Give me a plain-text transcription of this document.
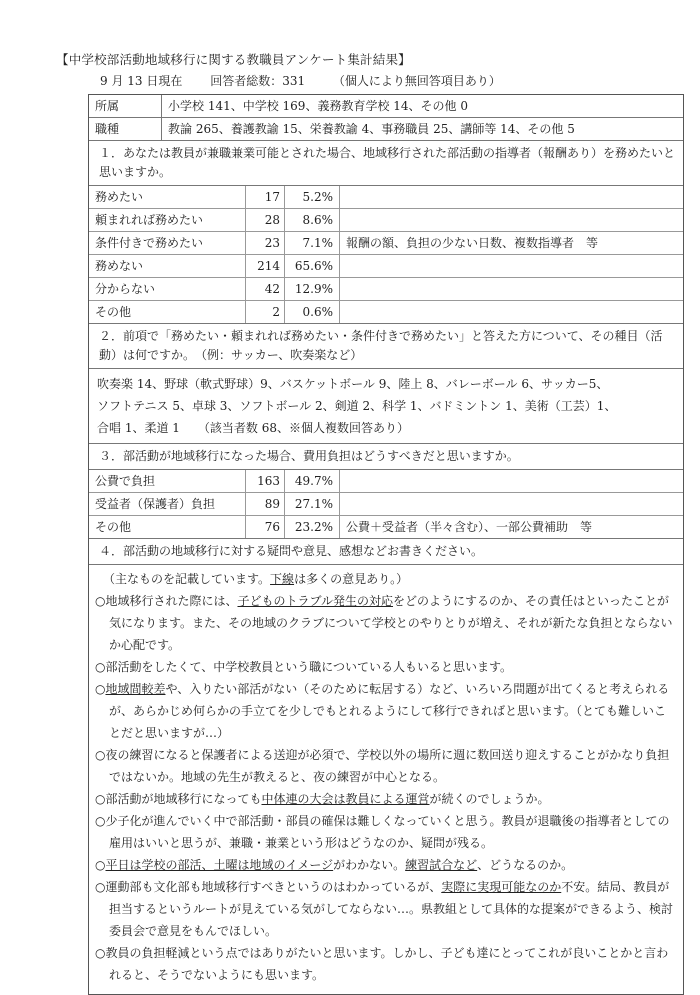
【中学校部活動地域移行に関する教職員アンケート集計結果】
9 月 13 日現在 回答者総数：331 （個人により無回答項目あり）
所属	小学校 141、中学校 169、義務教育学校 14、その他 0
職種	教論 265、養護教諭 15、栄養教諭 4、事務職員 25、講師等 14、その他 5
１．あなたは教員が兼職兼業可能とされた場合、地域移行された部活動の指導者（報酬あり）を務めたいと思いますか。
務めたい	17	5.2%
頼まれれば務めたい	28	8.6%
条件付きで務めたい	23	7.1%	報酬の額、負担の少ない日数、複数指導者　等
務めない	214	65.6%
分からない	42	12.9%
その他	2	0.6%
２．前項で「務めたい・頼まれれば務めたい・条件付きで務めたい」と答えた方について、その種目（活動）は何ですか。　（例：サッカー、吹奏楽など）
吹奏楽 14、野球（軟式野球）9、バスケットボール 9、陸上 8、バレーボール 6、サッカー5、
ソフトテニス 5、卓球 3、ソフトボール 2、剣道 2、科学 1、バドミントン 1、美術（工芸）1、
合唱 1、柔道 1　　（該当者数 68、※個人複数回答あり）
３．部活動が地域移行になった場合、費用負担はどうすべきだと思いますか。
公費で負担	163	49.7%
受益者（保護者）負担	89	27.1%
その他	76	23.2%	公費＋受益者（半々含む）、一部公費補助　等
４．部活動の地域移行に対する疑問や意見、感想などお書きください。
（主なものを記載しています。下線は多くの意見あり。）
○地域移行された際には、子どものトラブル発生の対応をどのようにするのか、その責任はといったことが気になります。また、その地域のクラブについて学校とのやりとりが増え、それが新たな負担とならないか心配です。
○部活動をしたくて、中学校教員という職についている人もいると思います。
○地域間較差や、入りたい部活がない（そのために転居する）など、いろいろ問題が出てくると考えられるが、あらかじめ何らかの手立てを少しでもとれるようにして移行できればと思います。（とても難しいことだと思いますが…）
○夜の練習になると保護者による送迎が必須で、学校以外の場所に週に数回送り迎えすることがかなり負担ではないか。地域の先生が教えると、夜の練習が中心となる。
○部活動が地域移行になっても中体連の大会は教員による運営が続くのでしょうか。
○少子化が進んでいく中で部活動・部員の確保は難しくなっていくと思う。教員が退職後の指導者としての雇用はいいと思うが、兼職・兼業という形はどうなのか、疑問が残る。
○平日は学校の部活、土曜は地域のイメージがわかない。練習試合など、どうなるのか。
○運動部も文化部も地域移行すべきというのはわかっているが、実際に実現可能なのか不安。結局、教員が担当するというルートが見えている気がしてならない…。県教組として具体的な提案ができるよう、検討委員会で意見をもんでほしい。
○教員の負担軽減という点ではありがたいと思います。しかし、子ども達にとってこれが良いことかと言われると、そうでないようにも思います。
